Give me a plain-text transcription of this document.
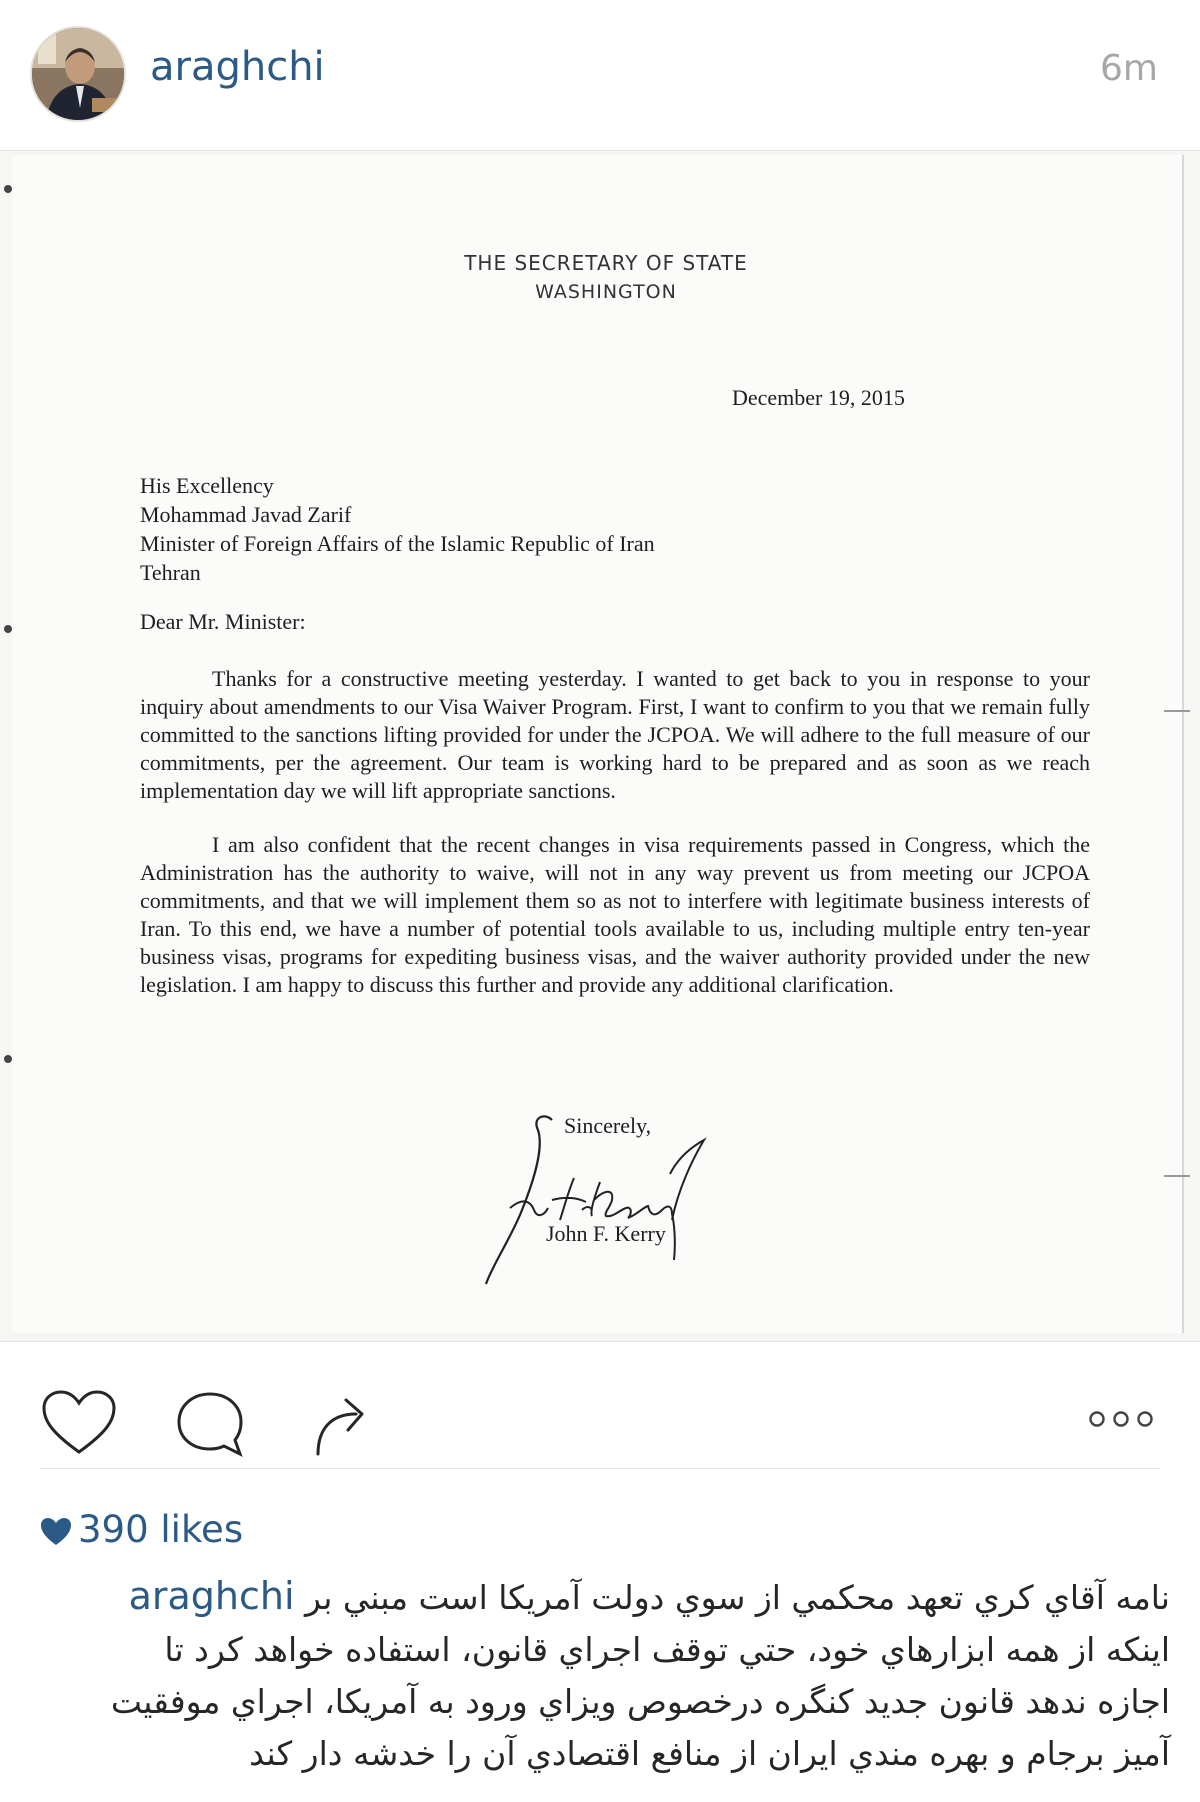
araghchi	6m
THE SECRETARY OF STATE
WASHINGTON
December 19, 2015
His Excellency
Mohammad Javad Zarif
Minister of Foreign Affairs of the Islamic Republic of Iran
Tehran
Dear Mr. Minister:
Thanks for a constructive meeting yesterday. I wanted to get back to you in response to your inquiry about amendments to our Visa Waiver Program. First, I want to confirm to you that we remain fully committed to the sanctions lifting provided for under the JCPOA. We will adhere to the full measure of our commitments, per the agreement. Our team is working hard to be prepared and as soon as we reach implementation day we will lift appropriate sanctions.
I am also confident that the recent changes in visa requirements passed in Congress, which the Administration has the authority to waive, will not in any way prevent us from meeting our JCPOA commitments, and that we will implement them so as not to interfere with legitimate business interests of Iran. To this end, we have a number of potential tools available to us, including multiple entry ten-year business visas, programs for expediting business visas, and the waiver authority provided under the new legislation. I am happy to discuss this further and provide any additional clarification.
Sincerely,
John F. Kerry
390 likes
نامه آقاي كري تعهد محكمي از سوي دولت آمريكا است مبني بر araghchi
اينكه از همه ابزارهاي خود، حتي توقف اجراي قانون، استفاده خواهد كرد تا
اجازه ندهد قانون جديد كنگره درخصوص ويزاي ورود به آمريكا، اجراي موفقيت
آميز برجام و بهره مندي ايران از منافع اقتصادي آن را خدشه دار كند
